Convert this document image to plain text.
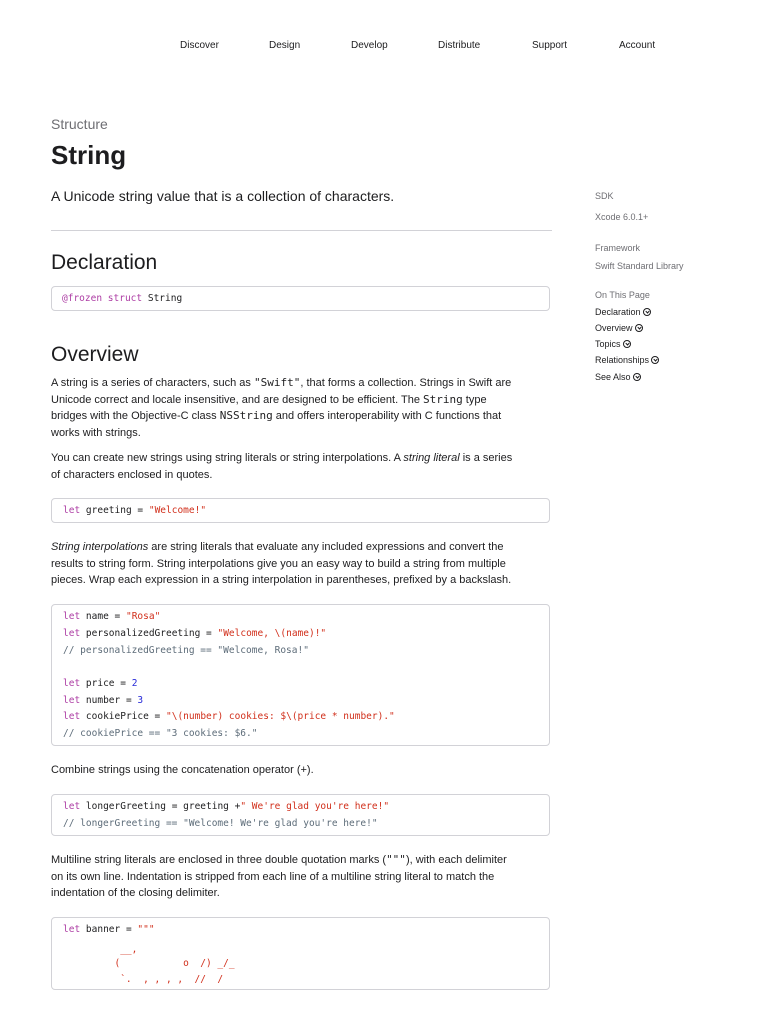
Discover	Design	Develop	Distribute	Support	Account
Structure
String
A Unicode string value that is a collection of characters.
Declaration
@frozen struct String
Overview
A string is a series of characters, such as "Swift", that forms a collection. Strings in Swift are
Unicode correct and locale insensitive, and are designed to be efficient. The String type
bridges with the Objective-C class NSString and offers interoperability with C functions that
works with strings.
You can create new strings using string literals or string interpolations. A string literal is a series
of characters enclosed in quotes.
let greeting = "Welcome!"
String interpolations are string literals that evaluate any included expressions and convert the
results to string form. String interpolations give you an easy way to build a string from multiple
pieces. Wrap each expression in a string interpolation in parentheses, prefixed by a backslash.
let name = "Rosa"
let personalizedGreeting = "Welcome, \(name)!"
// personalizedGreeting == "Welcome, Rosa!"
let price = 2
let number = 3
let cookiePrice = "\(number) cookies: $\(price * number)."
// cookiePrice == "3 cookies: $6."
Combine strings using the concatenation operator (+).
let longerGreeting = greeting +" We're glad you're here!"
// longerGreeting == "Welcome! We're glad you're here!"
Multiline string literals are enclosed in three double quotation marks ("""), with each delimiter
on its own line. Indentation is stripped from each line of a multiline string literal to match the
indentation of the closing delimiter.
let banner = """
__,
(           o  /) _/_
`.  , , , ,  //  /
SDK
Xcode 6.0.1+
Framework
Swift Standard Library
On This Page
Declaration
Overview
Topics
Relationships
See Also
